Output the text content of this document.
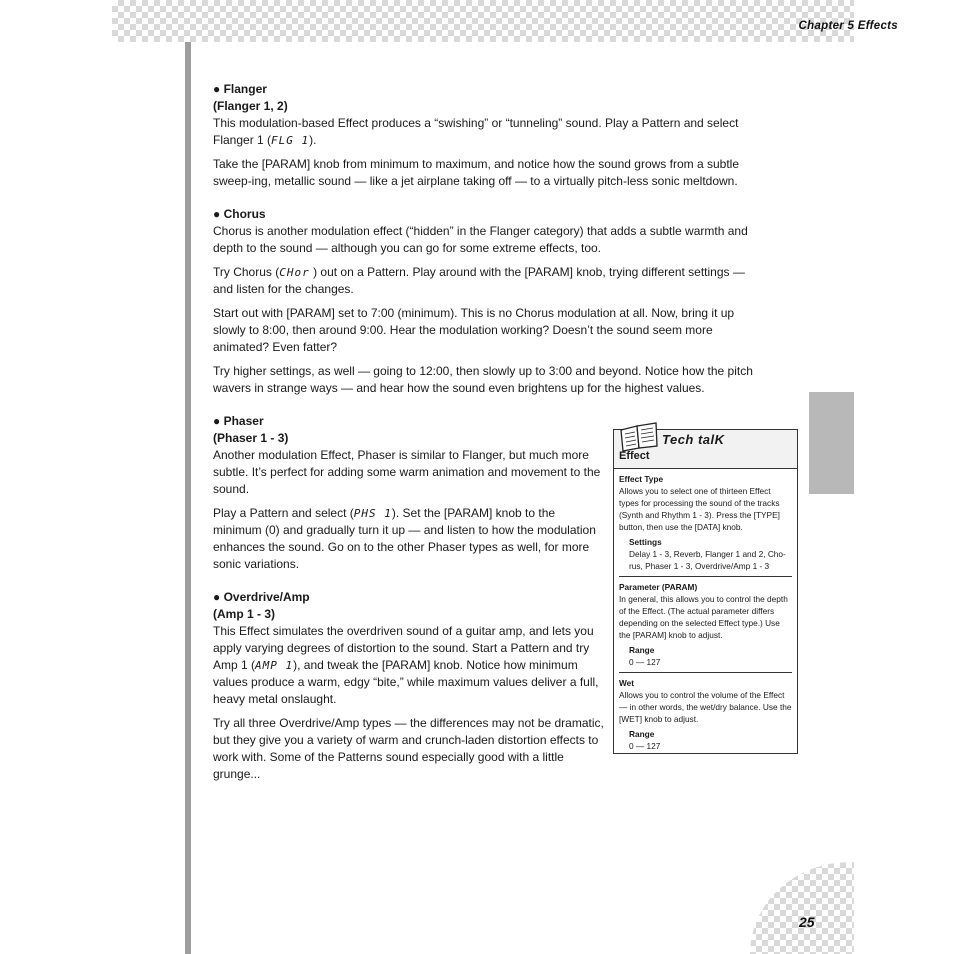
Chapter 5 Effects
25
● Flanger
(Flanger 1, 2)

This modulation-based Effect produces a “swishing” or “tunneling” sound. Play a Pattern and select Flanger 1 (FLG 1).

Take the [PARAM] knob from minimum to maximum, and notice how the sound grows from a subtle sweep-ing, metallic sound — like a jet airplane taking off — to a virtually pitch-less sonic meltdown.

● Chorus

Chorus is another modulation effect (“hidden” in the Flanger category) that adds a subtle warmth and depth to the sound — although you can go for some extreme effects, too.

Try Chorus (CHor ) out on a Pattern. Play around with the [PARAM] knob, trying different settings — and listen for the changes.

Start out with [PARAM] set to 7:00 (minimum). This is no Chorus modulation at all. Now, bring it up slowly to 8:00, then around 9:00. Hear the modulation working? Doesn’t the sound seem more animated? Even fatter?

Try higher settings, as well — going to 12:00, then slowly up to 3:00 and beyond. Notice how the pitch wavers in strange ways — and hear how the sound even brightens up for the highest values.

● Phaser
(Phaser 1 - 3)

Another modulation Effect, Phaser is similar to Flanger, but much more subtle. It’s perfect for adding some warm animation and movement to the sound.

Play a Pattern and select (PHS 1). Set the [PARAM] knob to the minimum (0) and gradually turn it up — and listen to how the modulation enhances the sound. Go on to the other Phaser types as well, for more sonic variations.

● Overdrive/Amp
(Amp 1 - 3)

This Effect simulates the overdriven sound of a guitar amp, and lets you apply varying degrees of distortion to the sound. Start a Pattern and try Amp 1 (AMP 1), and tweak the [PARAM] knob. Notice how minimum values produce a warm, edgy “bite,” while maximum values deliver a full, heavy metal onslaught.

Try all three Overdrive/Amp types — the differences may not be dramatic, but they give you a variety of warm and crunch-laden distortion effects to work with. Some of the Patterns sound especially good with a little grunge...

Tech talK
Effect
Effect Type
Allows you to select one of thirteen Effect types for processing the sound of the tracks (Synth and Rhythm 1 - 3). Press the [TYPE] button, then use the [DATA] knob.
Settings
Delay 1 - 3, Reverb, Flanger 1 and 2, Cho-rus, Phaser 1 - 3, Overdrive/Amp 1 - 3
Parameter (PARAM)
In general, this allows you to control the depth of the Effect. (The actual parameter differs depending on the selected Effect type.) Use the [PARAM] knob to adjust.
Range
0 — 127
Wet
Allows you to control the volume of the Effect — in other words, the wet/dry balance. Use the [WET] knob to adjust.
Range
0 — 127
